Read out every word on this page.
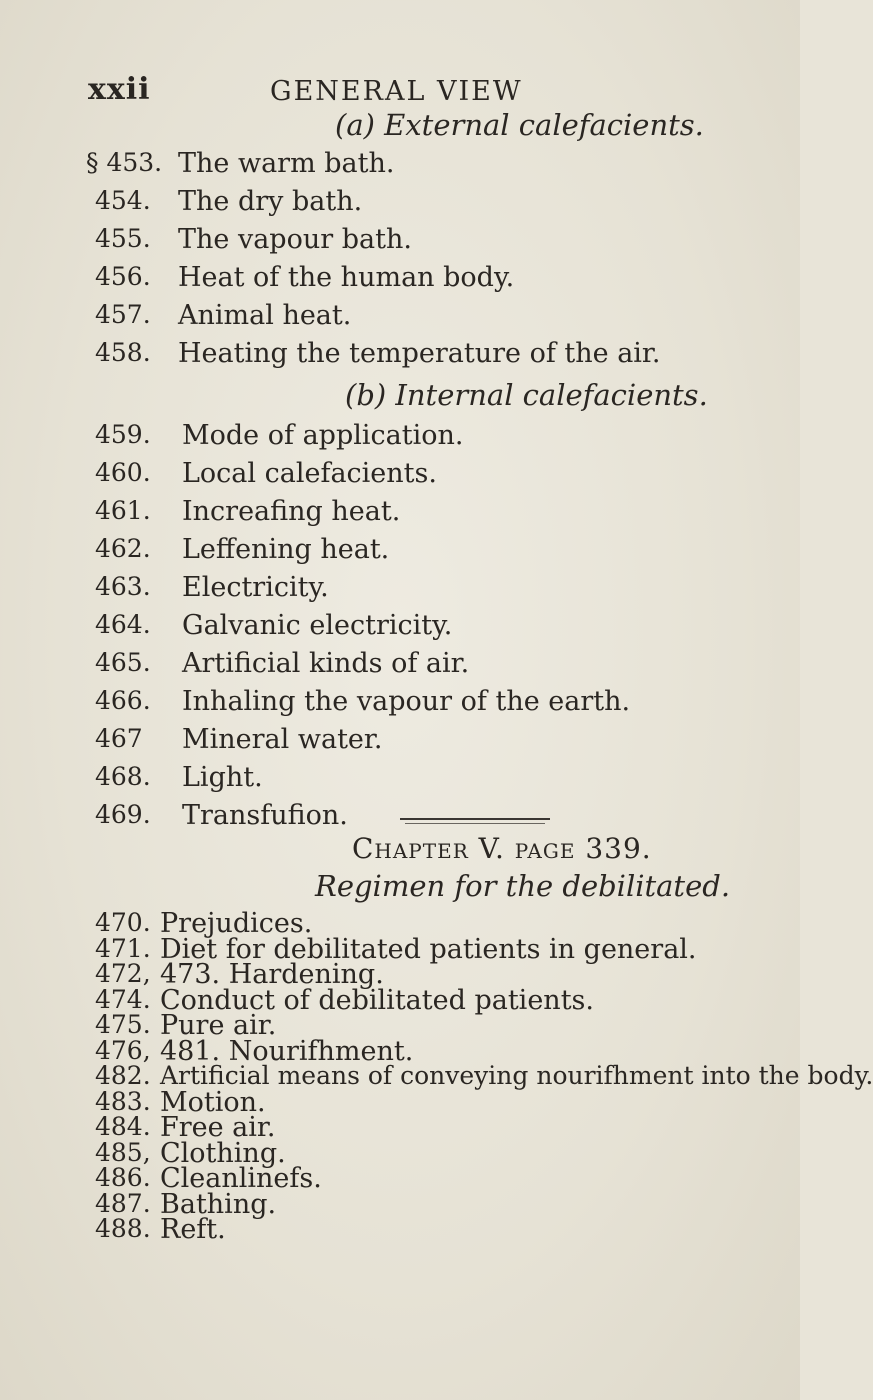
xxii	GENERAL VIEW
(a) External calefacients.
§ 453. The warm bath.
454. The dry bath.
455. The vapour bath.
456. Heat of the human body.
457. Animal heat.
458. Heating the temperature of the air.
(b) Internal calefacients.
459. Mode of application.
460. Local calefacients.
461. Increafing heat.
462. Leffening heat.
463. Electricity.
464. Galvanic electricity.
465. Artificial kinds of air.
466. Inhaling the vapour of the earth.
467 Mineral water.
468. Light.
469. Transfufion.
Chapter V. page 339.
Regimen for the debilitated.
470. Prejudices.
471. Diet for debilitated patients in general.
472, 473. Hardening.
474. Conduct of debilitated patients.
475. Pure air.
476, 481. Nourifhment.
482. Artificial means of conveying nourifhment into the body.
483. Motion.
484. Free air.
485, Clothing.
486. Cleanlinefs.
487. Bathing.
488. Reft.
